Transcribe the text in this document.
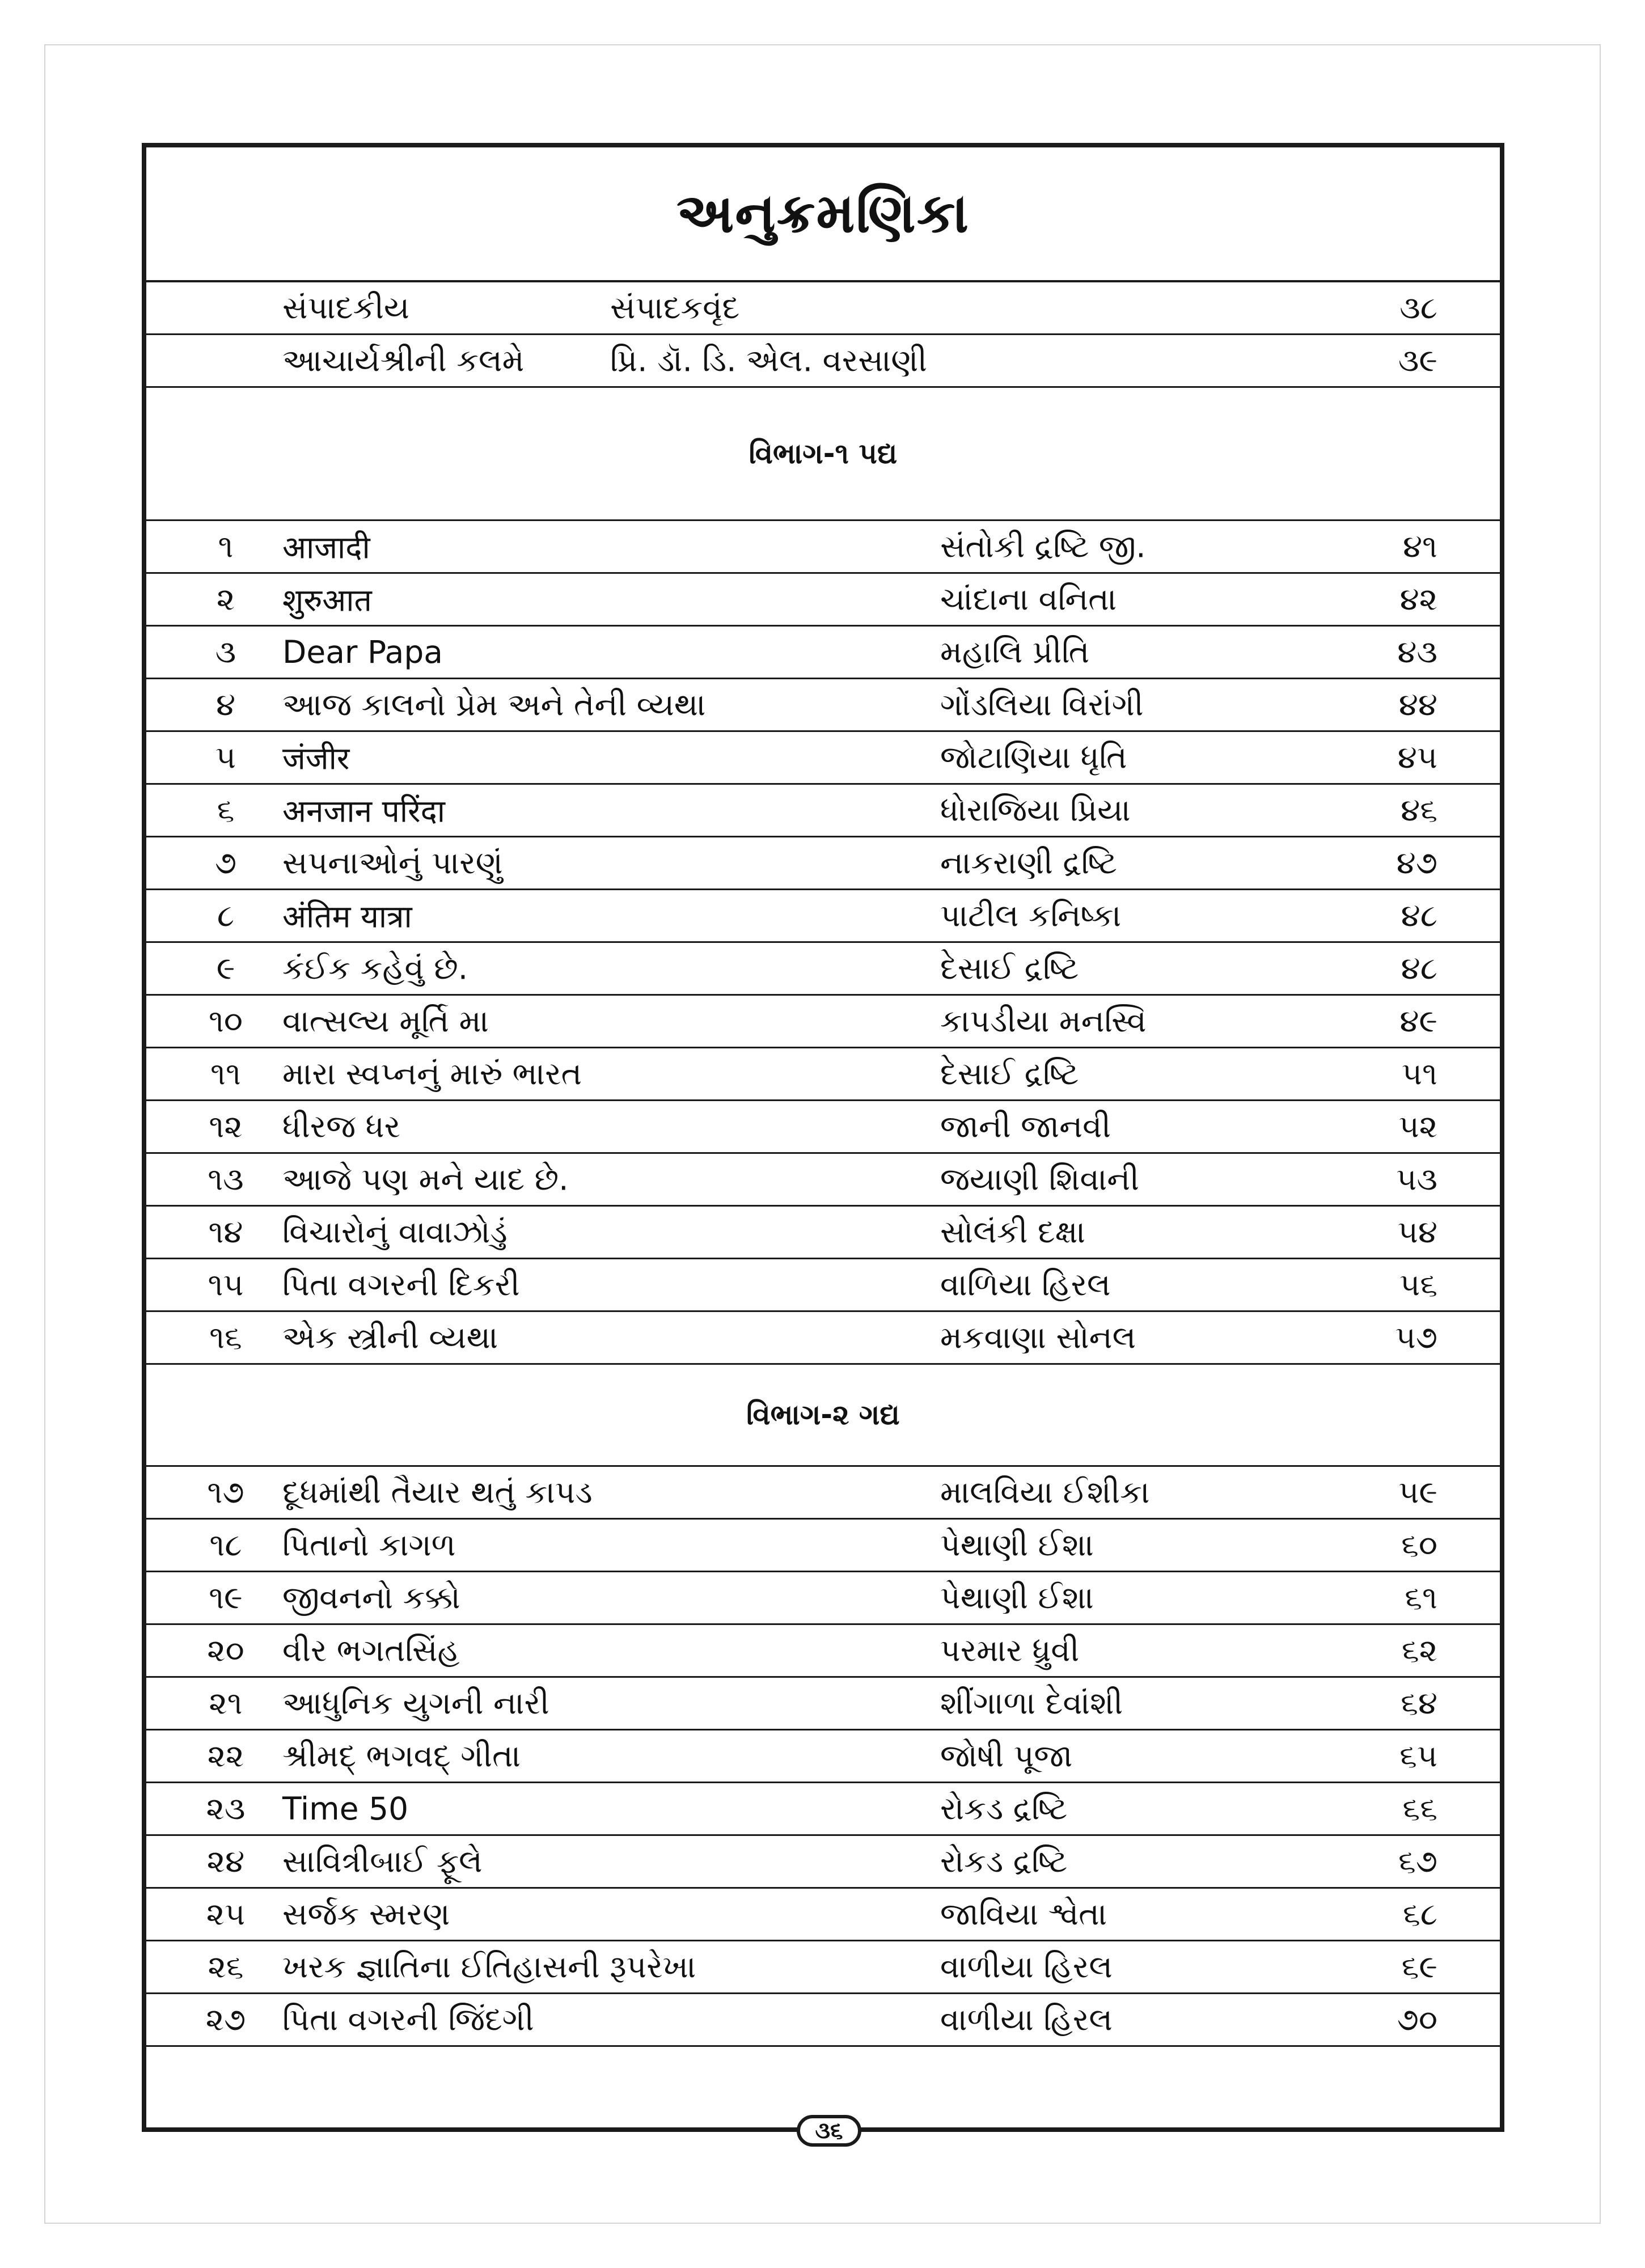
અનુક્રમણિકા
સંપાદકીય	સંપાદકવૃંદ	૩૮
આચાર્યશ્રીની કલમે	પ્રિ. ડૉ. ડિ. એલ. વરસાણી	૩૯
વિભાગ-૧ પદ્ય
૧	आजादी	સંતોકી દ્રષ્ટિ જી.	૪૧
૨	शुरुआत	ચાંદાના વનિતા	૪૨
૩	Dear Papa	મહાલિ પ્રીતિ	૪૩
૪	આજ કાલનો પ્રેમ અને તેની વ્યથા	ગોંડલિયા વિરાંગી	૪૪
૫	जंजीर	જોટાણિયા ધૃતિ	૪૫
૬	अनजान परिंदा	ધોરાજિયા પ્રિયા	૪૬
૭	સપનાઓનું પારણું	નાકરાણી દ્રષ્ટિ	૪૭
૮	अंतिम यात्रा	પાટીલ કનિષ્કા	૪૮
૯	કંઈક કહેવું છે.	દેસાઈ દ્રષ્ટિ	૪૮
૧૦	વાત્સલ્ય મૂર્તિ મા	કાપડીયા મનસ્વિ	૪૯
૧૧	મારા સ્વપ્નનું મારું ભારત	દેસાઈ દ્રષ્ટિ	૫૧
૧૨	ધીરજ ધર	જાની જાનવી	૫૨
૧૩	આજે પણ મને યાદ છે.	જયાણી શિવાની	૫૩
૧૪	વિચારોનું વાવાઝોડું	સોલંકી દક્ષા	૫૪
૧૫	પિતા વગરની દિકરી	વાળિયા હિરલ	૫૬
૧૬	એક સ્ત્રીની વ્યથા	મકવાણા સોનલ	૫૭
વિભાગ-૨ ગદ્ય
૧૭	દૂધમાંથી તૈયાર થતું કાપડ	માલવિયા ઈશીકા	૫૯
૧૮	પિતાનો કાગળ	પેથાણી ઈશા	૬૦
૧૯	જીવનનો કક્કો	પેથાણી ઈશા	૬૧
૨૦	વીર ભગતસિંહ	પરમાર ધ્રુવી	૬૨
૨૧	આધુનિક યુગની નારી	શીંગાળા દેવાંશી	૬૪
૨૨	શ્રીમદ્ ભગવદ્ ગીતા	જોષી પૂજા	૬૫
૨૩	Time 50	રોકડ દ્રષ્ટિ	૬૬
૨૪	સાવિત્રીબાઈ ફૂલે	રોકડ દ્રષ્ટિ	૬૭
૨૫	સર્જક સ્મરણ	જાવિયા શ્વેતા	૬૮
૨૬	ખરક જ્ઞાતિના ઈતિહાસની રૂપરેખા	વાળીયા હિરલ	૬૯
૨૭	પિતા વગરની જિંદગી	વાળીયા હિરલ	૭૦
૩૬
